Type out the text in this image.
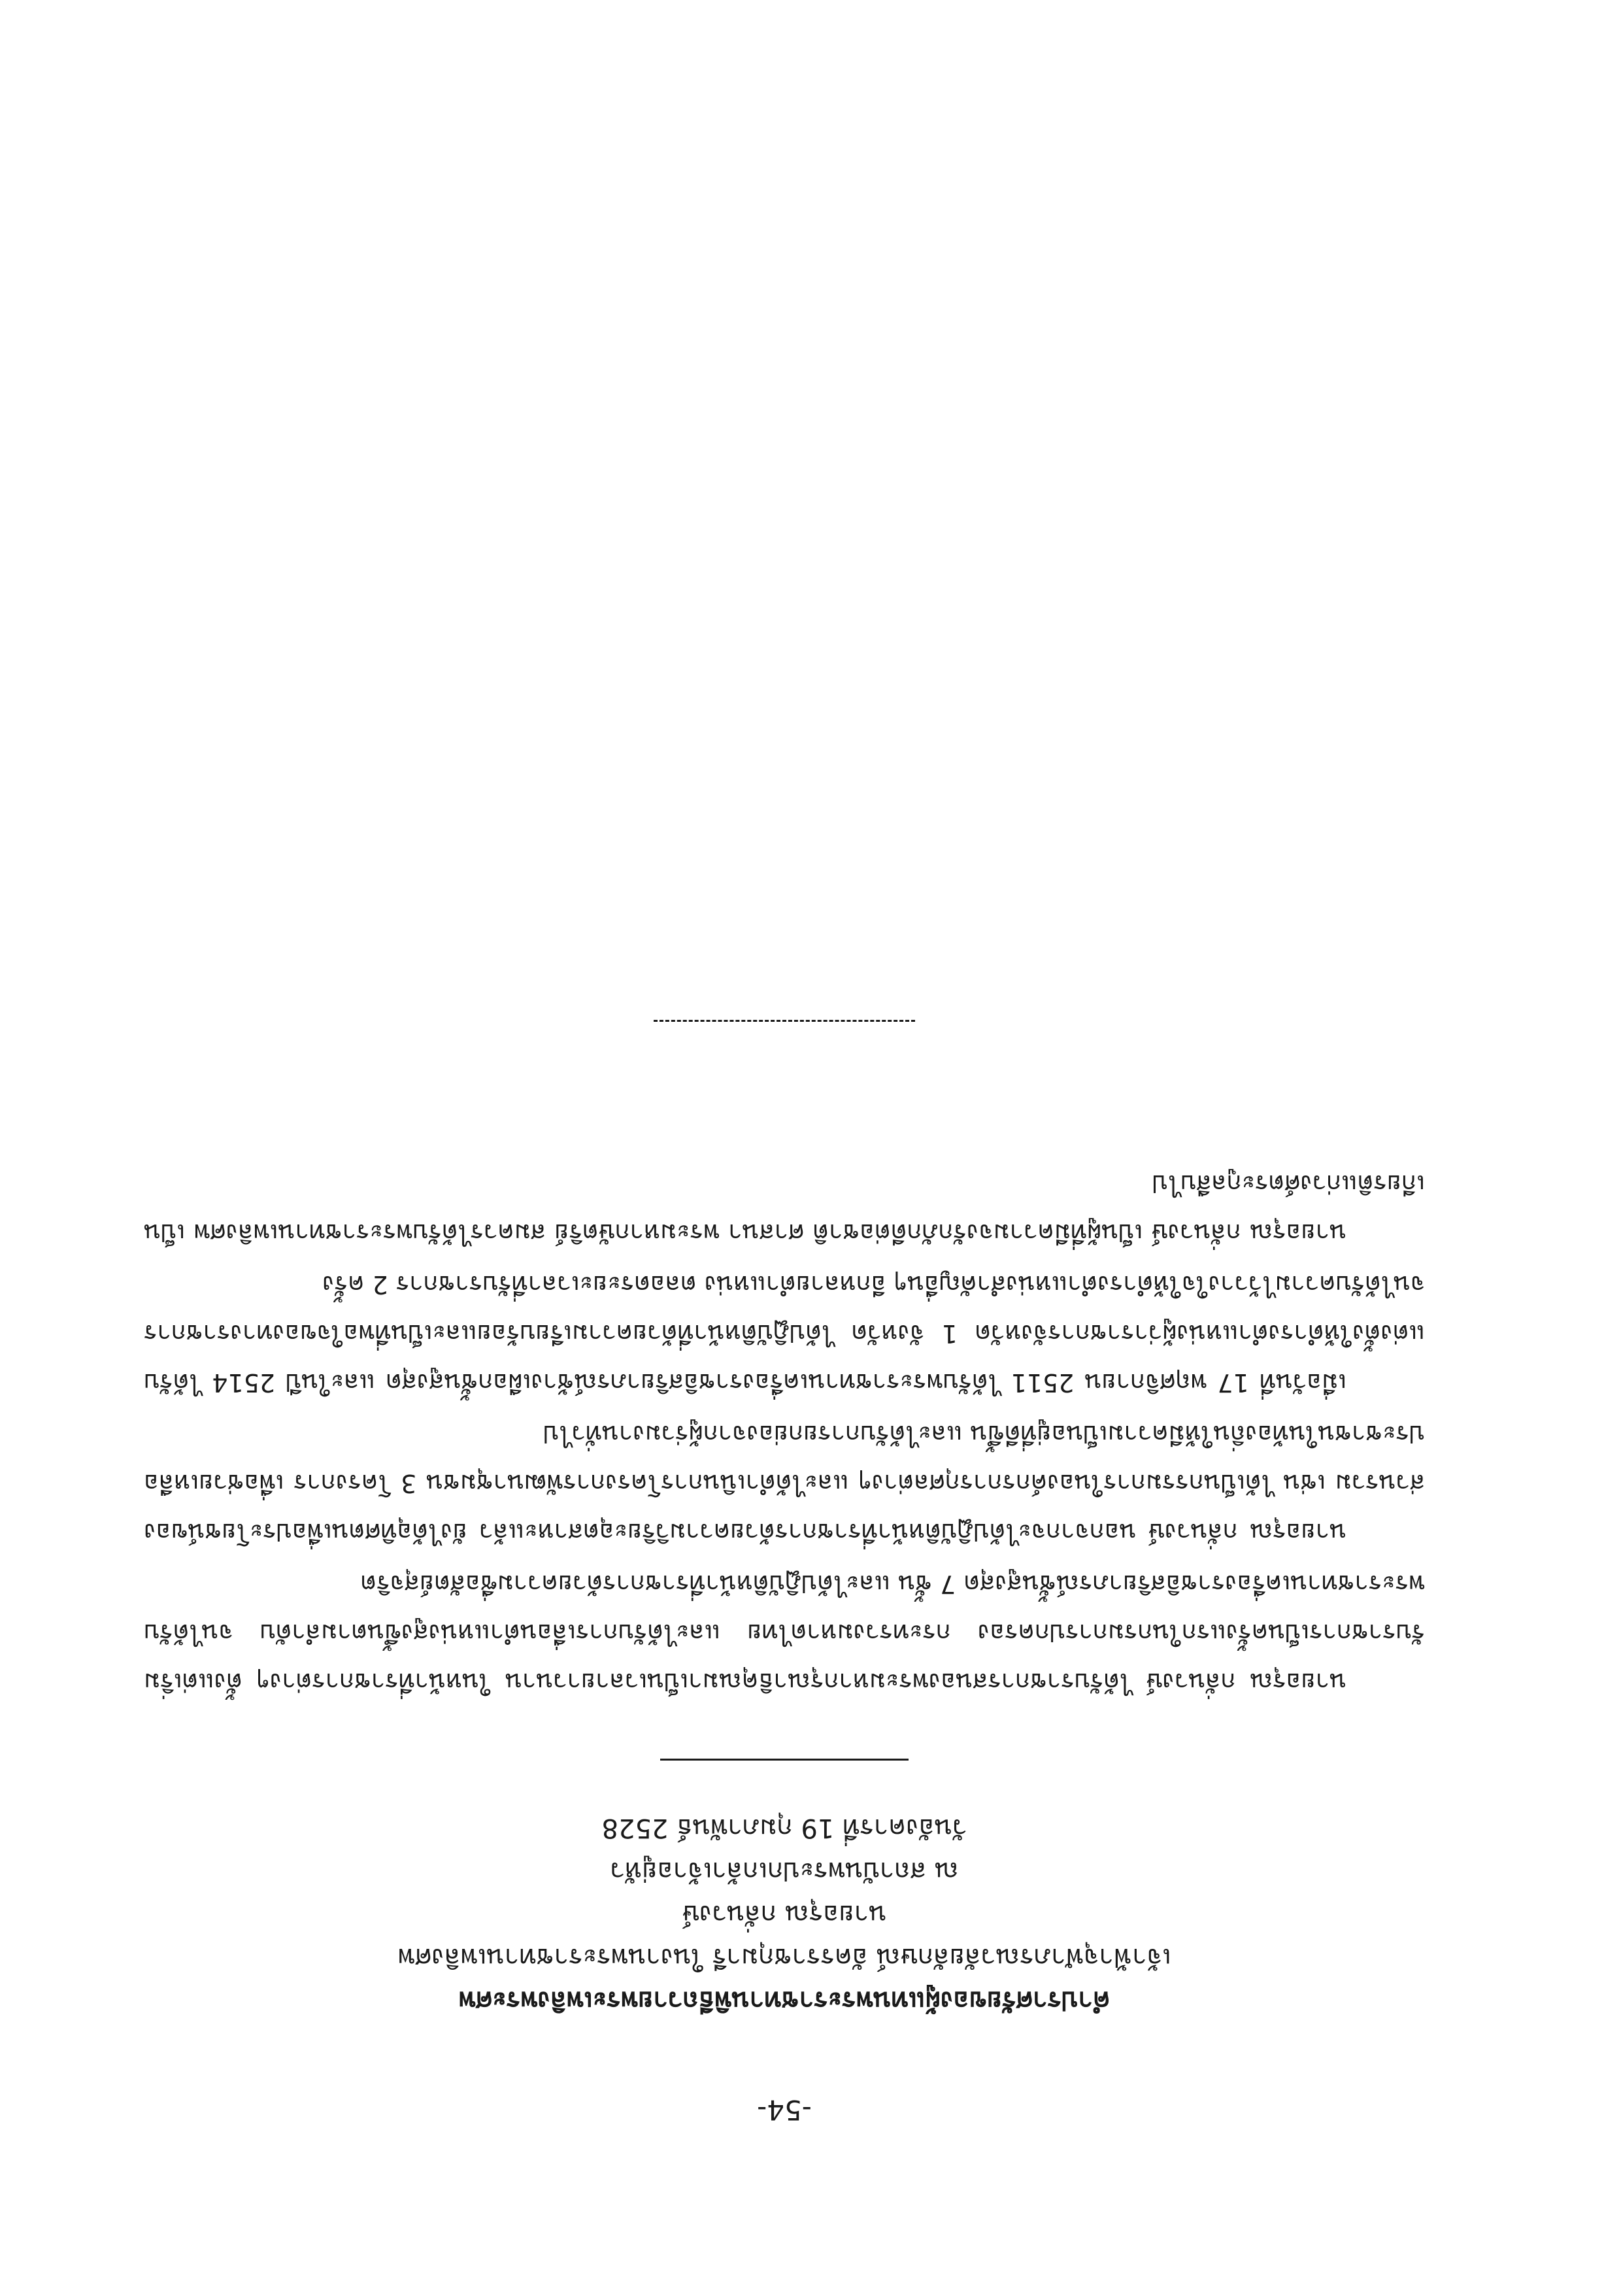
-54-
คำปราศรัยของผู้แทนพระราชทานพิธีถวายพระเพลิงพระศพ
เจ้าฟ้าจุฬาภรณวลัยลักษณ์ อัครราชกุมารี ในงานพระราชทานเพลิงศพ
นายอรุณ กลั่นวงษ์
ณ สถาบันพระปกเกล้าเจ้าอยู่หัว
วันอังคารที่ 19 กุมภาพันธ์ 2528

นายอรุณ กลั่นวงษ์ ได้รับราชการสนองพระมหากรุณาธิคุณมาเป็นเวลายาวนาน ในหน้าที่ราชการต่างๆ ตั้งแต่เริ่มรับราชการเป็นครั้งแรกในกรมการปกครอง กระทรวงมหาดไทย และได้รับการเลื่อนตำแหน่งสูงขึ้นตามลำดับ จนได้รับพระราชทานเครื่องราชอิสริยาภรณ์ชั้นสูงสุด 7 ชั้น และได้ปฏิบัติหน้าที่ราชการด้วยความซื่อสัตย์สุจริต

นายอรุณ กลั่นวงษ์ นอกจากจะได้ปฏิบัติหน้าที่ราชการด้วยความวิริยะอุตสาหะแล้ว ยังได้อุทิศตนเพื่อประโยชน์ของส่วนรวม เช่น ได้เป็นกรรมการในองค์กรการกุศลต่างๆ และได้ดำเนินการโครงการพัฒนาชุมชน 3 โครงการ เพื่อช่วยเหลือประชาชนในท้องถิ่นให้มีความเป็นอยู่ที่ดีขึ้น และได้รับการยกย่องจากผู้ร่วมงานทั่วไป

เมื่อวันที่ 17 พฤศจิกายน 2511 ได้รับพระราชทานเครื่องราชอิสริยาภรณ์ช้างเผือกชั้นสูงสุด และในปี 2514 ได้รับแต่งตั้งให้ดำรงตำแหน่งผู้ว่าราชการจังหวัด 1 จังหวัด ได้ปฏิบัติหน้าที่ด้วยความเรียบร้อยและเป็นที่พอใจของทางราชการ จนได้รับความไว้วางใจให้ดำรงตำแหน่งสำคัญอื่นๆ อีกหลายตำแหน่ง ตลอดระยะเวลาที่รับราชการ 2 ครั้ง

นายอรุณ กลั่นวงษ์ เป็นผู้ที่มีความจงรักภักดีต่อชาติ ศาสนา พระมหากษัตริย์ สมควรได้รับพระราชทานเพลิงศพ เป็นเกียรติแก่วงศ์ตระกูลสืบไป
